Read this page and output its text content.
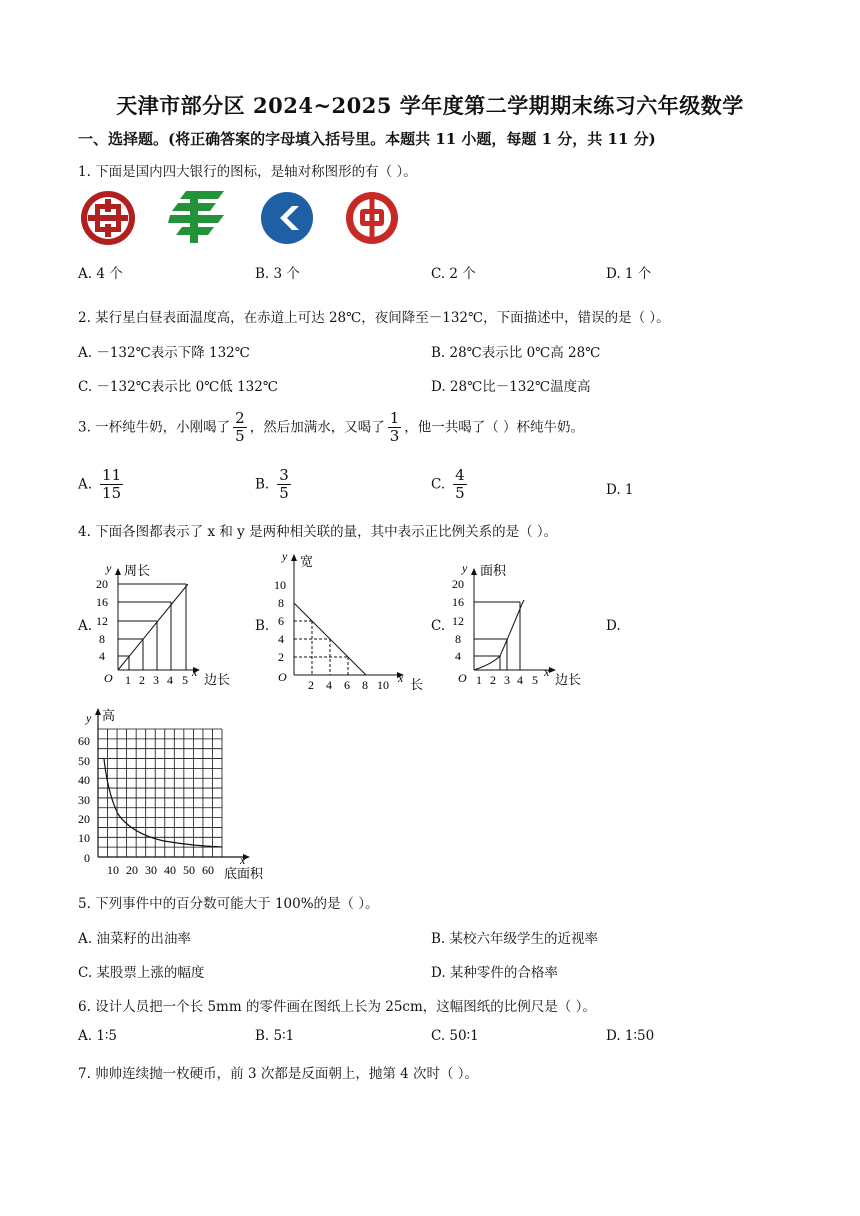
天津市部分区 2024~2025 学年度第二学期期末练习六年级数学
一、选择题。(将正确答案的字母填入括号里。本题共 11 小题，每题 1 分，共 11 分)
1. 下面是国内四大银行的图标，是轴对称图形的有（ ）。
A. 4 个	B. 3 个	C. 2 个	D. 1 个
2. 某行星白昼表面温度高，在赤道上可达 28℃，夜间降至－132℃，下面描述中，错误的是（ ）。
A. －132℃表示下降 132℃	B. 28℃表示比 0℃高 28℃
C. －132℃表示比 0℃低 132℃	D. 28℃比－132℃温度高
3. 一杯纯牛奶，小刚喝了 $\frac{2}{5}$ ，然后加满水，又喝了 $\frac{1}{3}$ ，他一共喝了（ ）杯纯牛奶。
A. $\frac{11}{15}$	B. $\frac{3}{5}$	C. $\frac{4}{5}$	D. 1
4. 下面各图都表示了 x 和 y 是两种相关联的量，其中表示正比例关系的是（ ）。
A.	B.	C.	D.
y 周长
4
8
12
16
20
O 1 2 3 4 5
x 边长
y 宽
2
4
6
8
10
O
2 4 6 8 10 x 长
y 面积
4
8
12
16
20
O 1 2 3 4 5
x 边长
y 高
0
10
20
30
40
50
60
10 20 30 40 50 60
x
底面积
5. 下列事件中的百分数可能大于 100%的是（ ）。
A. 油菜籽的出油率	B. 某校六年级学生的近视率
C. 某股票上涨的幅度	D. 某种零件的合格率
6. 设计人员把一个长 5mm 的零件画在图纸上长为 25cm，这幅图纸的比例尺是（ ）。
A. 1∶5	B. 5∶1	C. 50∶1	D. 1∶50
7. 帅帅连续抛一枚硬币，前 3 次都是反面朝上，抛第 4 次时（ ）。
